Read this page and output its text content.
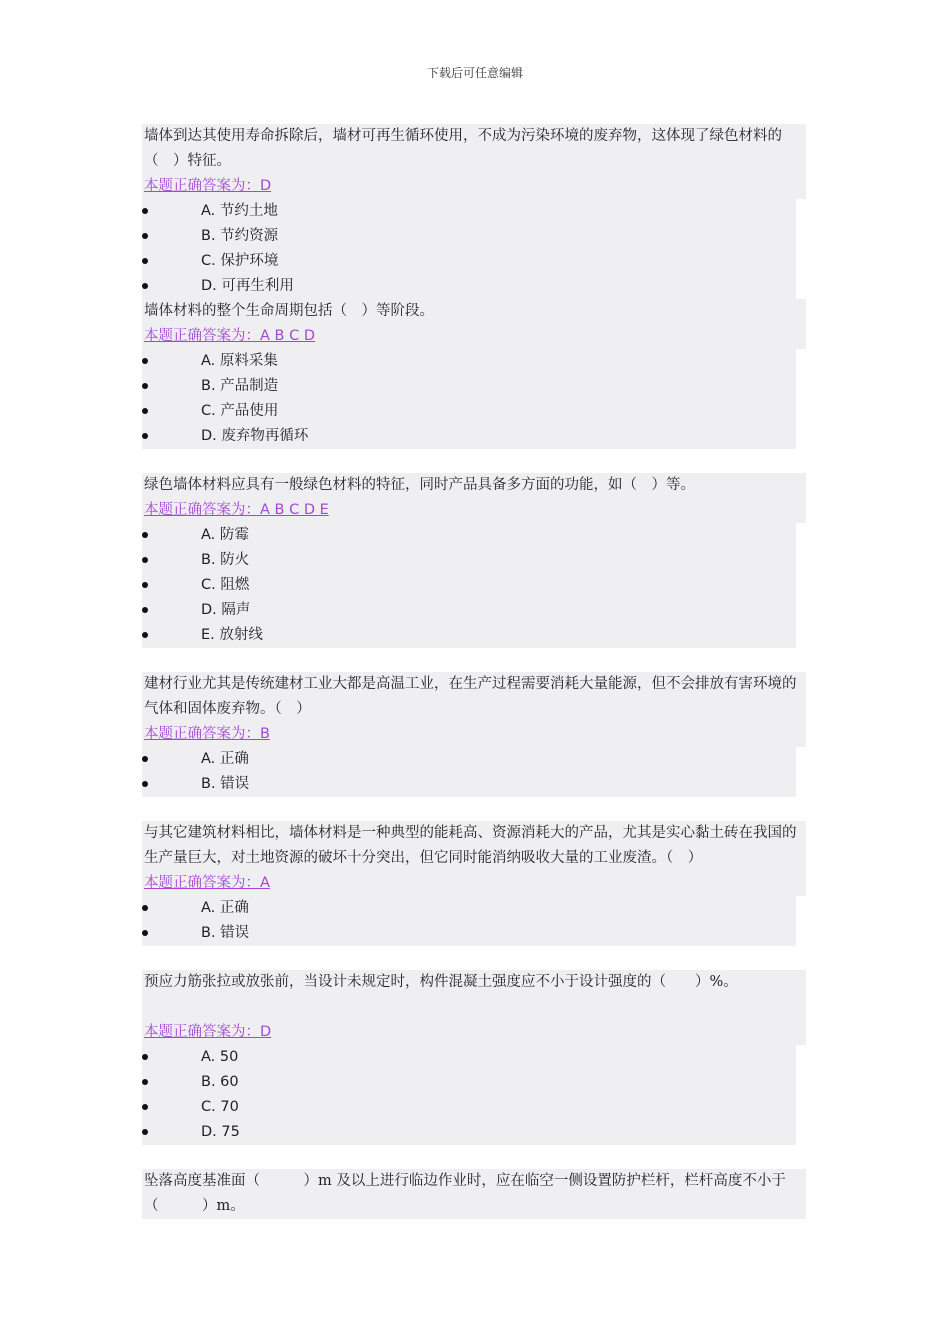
下载后可任意编辑
墙体到达其使用寿命拆除后，墙材可再生循环使用，不成为污染环境的废弃物，这体现了绿色材料的（　）特征。
本题正确答案为：D
A. 节约土地
B. 节约资源
C. 保护环境
D. 可再生利用
墙体材料的整个生命周期包括（　）等阶段。
本题正确答案为：A B C D
A. 原料采集
B. 产品制造
C. 产品使用
D. 废弃物再循环
绿色墙体材料应具有一般绿色材料的特征，同时产品具备多方面的功能，如（　）等。
本题正确答案为：A B C D E
A. 防霉
B. 防火
C. 阻燃
D. 隔声
E. 放射线
建材行业尤其是传统建材工业大都是高温工业，在生产过程需要消耗大量能源，但不会排放有害环境的气体和固体废弃物。（　）
本题正确答案为：B
A. 正确
B. 错误
与其它建筑材料相比，墙体材料是一种典型的能耗高、资源消耗大的产品，尤其是实心黏土砖在我国的生产量巨大，对土地资源的破坏十分突出，但它同时能消纳吸收大量的工业废渣。（　）
本题正确答案为：A
A. 正确
B. 错误
预应力筋张拉或放张前，当设计未规定时，构件混凝土强度应不小于设计强度的（　　）%。
本题正确答案为：D
A. 50
B. 60
C. 70
D. 75
坠落高度基准面（　　　）m 及以上进行临边作业时，应在临空一侧设置防护栏杆，栏杆高度不小于（　　　）m。
